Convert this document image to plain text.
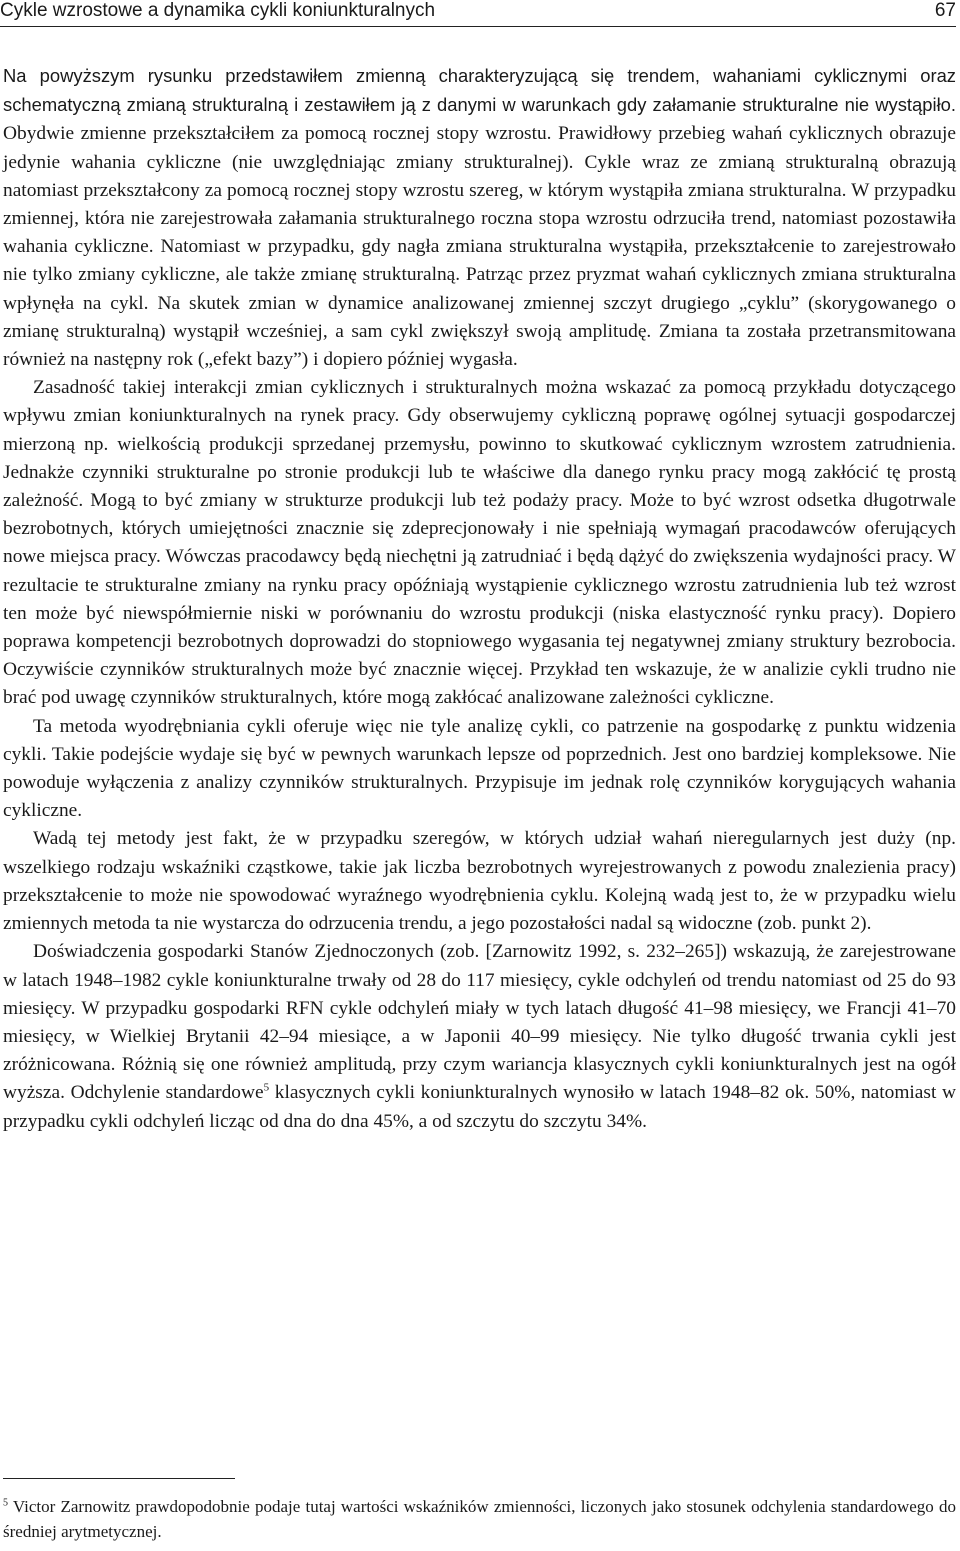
Cykle wzrostowe a dynamika cykli koniunkturalnych	67

Na powyższym rysunku przedstawiłem zmienną charakteryzującą się trendem, wahaniami cyklicznymi oraz schematyczną zmianą strukturalną i zestawiłem ją z danymi w warunkach gdy załamanie strukturalne nie wystąpiło. Obydwie zmienne przekształciłem za pomocą rocznej stopy wzrostu. Prawidłowy przebieg wahań cyklicznych obrazuje jedynie wahania cykliczne (nie uwzględniając zmiany strukturalnej). Cykle wraz ze zmianą strukturalną obrazują natomiast przekształcony za pomocą rocznej stopy wzrostu szereg, w którym wystąpiła zmiana strukturalna. W przypadku zmiennej, która nie zarejestrowała załamania strukturalnego roczna stopa wzrostu odrzuciła trend, natomiast pozostawiła wahania cykliczne. Natomiast w przypadku, gdy nagła zmiana strukturalna wystąpiła, przekształcenie to zarejestrowało nie tylko zmiany cykliczne, ale także zmianę strukturalną. Patrząc przez pryzmat wahań cyklicznych zmiana strukturalna wpłynęła na cykl. Na skutek zmian w dynamice analizowanej zmiennej szczyt drugiego „cyklu” (skorygowanego o zmianę strukturalną) wystąpił wcześniej, a sam cykl zwiększył swoją amplitudę. Zmiana ta została przetransmitowana również na następny rok („efekt bazy”) i dopiero później wygasła.

Zasadność takiej interakcji zmian cyklicznych i strukturalnych można wskazać za pomocą przykładu dotyczącego wpływu zmian koniunkturalnych na rynek pracy. Gdy obserwujemy cykliczną poprawę ogólnej sytuacji gospodarczej mierzoną np. wielkością produkcji sprzedanej przemysłu, powinno to skutkować cyklicznym wzrostem zatrudnienia. Jednakże czynniki strukturalne po stronie produkcji lub te właściwe dla danego rynku pracy mogą zakłócić tę prostą zależność. Mogą to być zmiany w strukturze produkcji lub też podaży pracy. Może to być wzrost odsetka długotrwale bezrobotnych, których umiejętności znacznie się zdeprecjonowały i nie spełniają wymagań pracodawców oferujących nowe miejsca pracy. Wówczas pracodawcy będą niechętni ją zatrudniać i będą dążyć do zwiększenia wydajności pracy. W rezultacie te strukturalne zmiany na rynku pracy opóźniają wystąpienie cyklicznego wzrostu zatrudnienia lub też wzrost ten może być niewspółmiernie niski w porównaniu do wzrostu produkcji (niska elastyczność rynku pracy). Dopiero poprawa kompetencji bezrobotnych doprowadzi do stopniowego wygasania tej negatywnej zmiany struktury bezrobocia. Oczywiście czynników strukturalnych może być znacznie więcej. Przykład ten wskazuje, że w analizie cykli trudno nie brać pod uwagę czynników strukturalnych, które mogą zakłócać analizowane zależności cykliczne.

Ta metoda wyodrębniania cykli oferuje więc nie tyle analizę cykli, co patrzenie na gospodarkę z punktu widzenia cykli. Takie podejście wydaje się być w pewnych warunkach lepsze od poprzednich. Jest ono bardziej kompleksowe. Nie powoduje wyłączenia z analizy czynników strukturalnych. Przypisuje im jednak rolę czynników korygujących wahania cykliczne.

Wadą tej metody jest fakt, że w przypadku szeregów, w których udział wahań nieregularnych jest duży (np. wszelkiego rodzaju wskaźniki cząstkowe, takie jak liczba bezrobotnych wyrejestrowanych z powodu znalezienia pracy) przekształcenie to może nie spowodować wyraźnego wyodrębnienia cyklu. Kolejną wadą jest to, że w przypadku wielu zmiennych metoda ta nie wystarcza do odrzucenia trendu, a jego pozostałości nadal są widoczne (zob. punkt 2).

Doświadczenia gospodarki Stanów Zjednoczonych (zob. [Zarnowitz 1992, s. 232–265]) wskazują, że zarejestrowane w latach 1948–1982 cykle koniunkturalne trwały od 28 do 117 miesięcy, cykle odchyleń od trendu natomiast od 25 do 93 miesięcy. W przypadku gospodarki RFN cykle odchyleń miały w tych latach długość 41–98 miesięcy, we Francji 41–70 miesięcy, w Wielkiej Brytanii 42–94 miesiące, a w Japonii 40–99 miesięcy. Nie tylko długość trwania cykli jest zróżnicowana. Różnią się one również amplitudą, przy czym wariancja klasycznych cykli koniunkturalnych jest na ogół wyższa. Odchylenie standardowe$^5$ klasycznych cykli koniunkturalnych wynosiło w latach 1948–82 ok. 50%, natomiast w przypadku cykli odchyleń licząc od dna do dna 45%, a od szczytu do szczytu 34%.

$^5$ Victor Zarnowitz prawdopodobnie podaje tutaj wartości wskaźników zmienności, liczonych jako stosunek odchylenia standardowego do średniej arytmetycznej.
